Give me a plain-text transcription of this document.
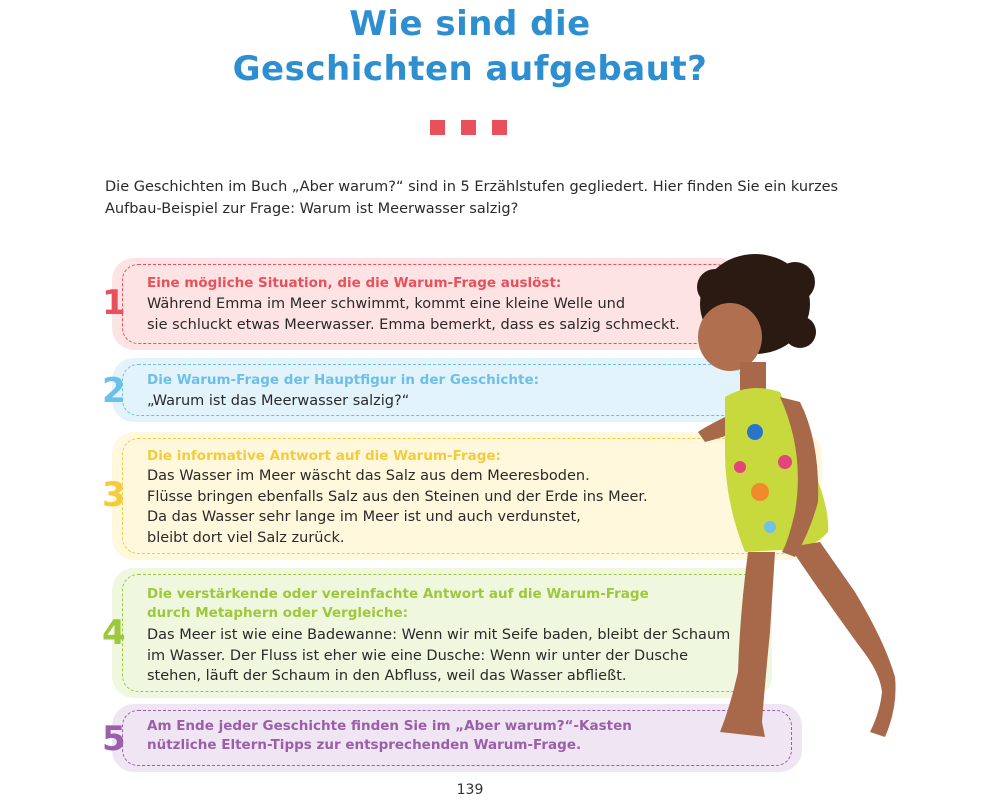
Wie sind die
Geschichten aufgebaut?
Die Geschichten im Buch „Aber warum?“ sind in 5 Erzählstufen gegliedert. Hier finden Sie ein kurzes Aufbau-Beispiel zur Frage: Warum ist Meerwasser salzig?
1 Eine mögliche Situation, die die Warum-Frage auslöst:
Während Emma im Meer schwimmt, kommt eine kleine Welle und
sie schluckt etwas Meerwasser. Emma bemerkt, dass es salzig schmeckt.
2 Die Warum-Frage der Hauptfigur in der Geschichte:
„Warum ist das Meerwasser salzig?“
3
Die informative Antwort auf die Warum-Frage:
Das Wasser im Meer wäscht das Salz aus dem Meeresboden.
Flüsse bringen ebenfalls Salz aus den Steinen und der Erde ins Meer.
Da das Wasser sehr lange im Meer ist und auch verdunstet,
bleibt dort viel Salz zurück.
4
Die verstärkende oder vereinfachte Antwort auf die Warum-Frage
durch Metaphern oder Vergleiche:
Das Meer ist wie eine Badewanne: Wenn wir mit Seife baden, bleibt der Schaum
im Wasser. Der Fluss ist eher wie eine Dusche: Wenn wir unter der Dusche
stehen, läuft der Schaum in den Abfluss, weil das Wasser abfließt.
5 Am Ende jeder Geschichte finden Sie im „Aber warum?“-Kasten
nützliche Eltern-Tipps zur entsprechenden Warum-Frage.
139
